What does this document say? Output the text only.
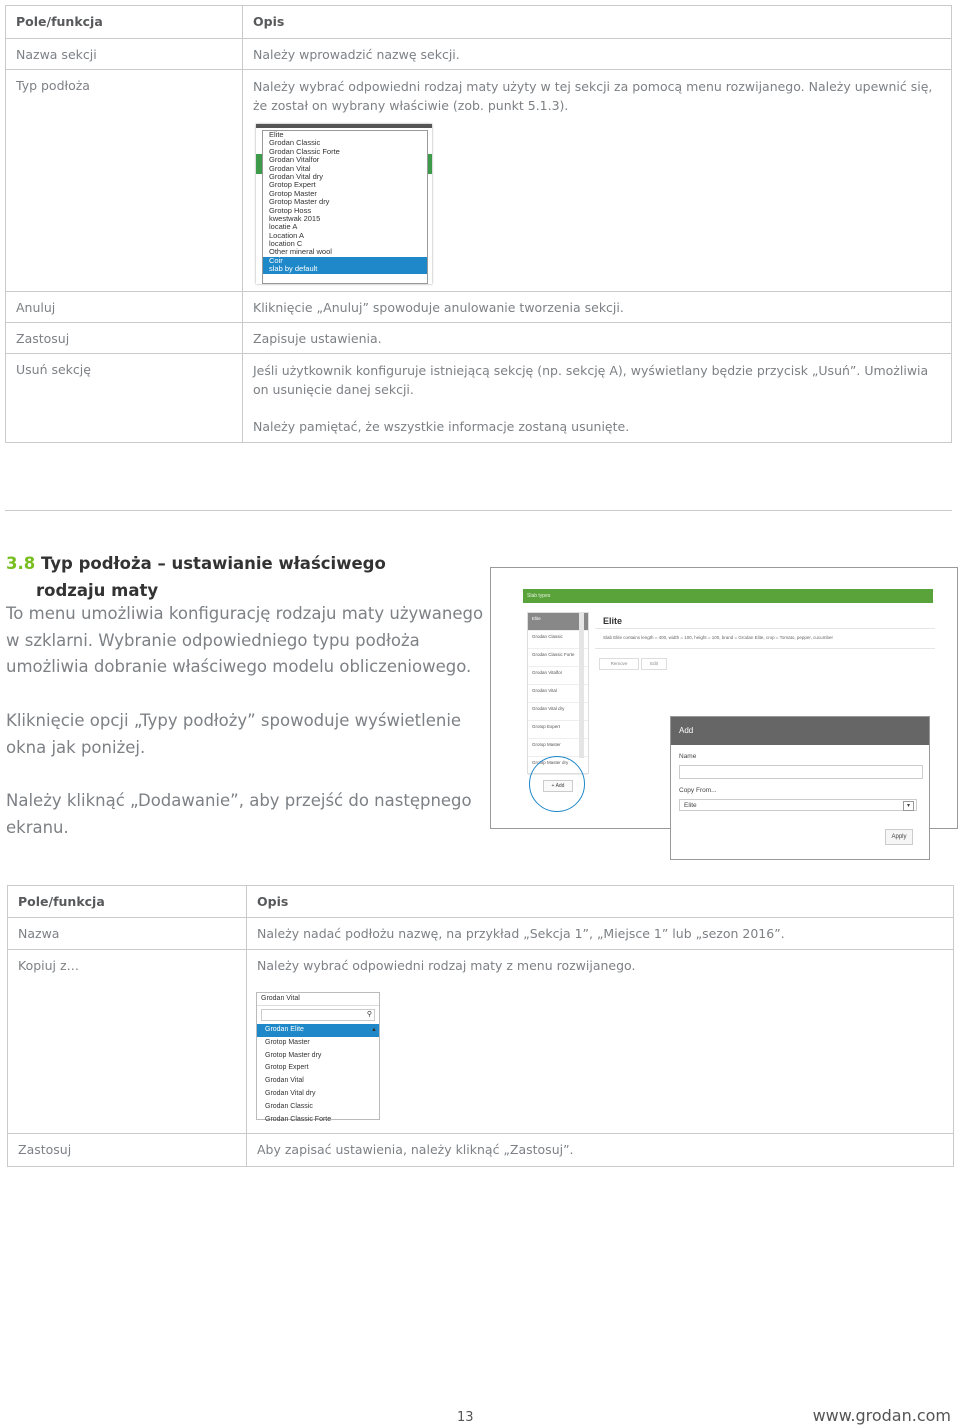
Pole/funkcja	Opis
Nazwa sekcji	Należy wprowadzić nazwę sekcji.
Typ podłoża	Należy wybrać odpowiedni rodzaj maty użyty w tej sekcji za pomocą menu rozwijanego. Należy upewnić się, że został on wybrany właściwie (zob. punkt 5.1.3).

Anuluj	Kliknięcie „Anuluj” spowoduje anulowanie tworzenia sekcji.
Zastosuj	Zapisuje ustawienia.
Usuń sekcję	Jeśli użytkownik konfiguruje istniejącą sekcję (np. sekcję A), wyświetlany będzie przycisk „Usuń”. Umożliwia on usunięcie danej sekcji.
Należy pamiętać, że wszystkie informacje zostaną usunięte.
Elite
Grodan Classic
Grodan Classic Forte
Grodan Vitalfor
Grodan Vital
Grodan Vital dry
Grotop Expert
Grotop Master
Grotop Master dry
Grotop Hoss
kwestwak 2015
locatie A
Location A
location C
Other mineral wool
Coir
slab by default
3.8 Typ podłoża – ustawianie właściwego
rodzaju maty
To menu umożliwia konfigurację rodzaju maty używanego
w szklarni. Wybranie odpowiedniego typu podłoża
umożliwia dobranie właściwego modelu obliczeniowego.
Kliknięcie opcji „Typy podłoży” spowoduje wyświetlenie
okna jak poniżej.
Należy kliknąć „Dodawanie”, aby przejść do następnego
ekranu.
Slab types
Elite
Grodan Classic
Grodan Classic Forte
Grodan Vitalfor
Grodan Vital
Grodan Vital dry
Grotop Expert
Grotop Master
Grotop Master dry
Elite
Slab Elite contains length = 400, width = 100, height = 100, brand = Grodan Elite, crop = Tomato, pepper, cucumber
Remove	Edit
+ Add
Add
Name
Copy From...
Elite	▾
Apply
Pole/funkcja	Opis
Nazwa	Należy nadać podłożu nazwę, na przykład „Sekcja 1”, „Miejsce 1” lub „sezon 2016”.
Kopiuj z…	Należy wybrać odpowiedni rodzaj maty z menu rozwijanego.
Zastosuj	Aby zapisać ustawienia, należy kliknąć „Zastosuj”.
Grodan Vital
⚲
Grodan Elite
Grotop Master
Grotop Master dry
Grotop Expert
Grodan Vital
Grodan Vital dry
Grodan Classic
Grodan Classic Forte
▲
13	www.grodan.com
